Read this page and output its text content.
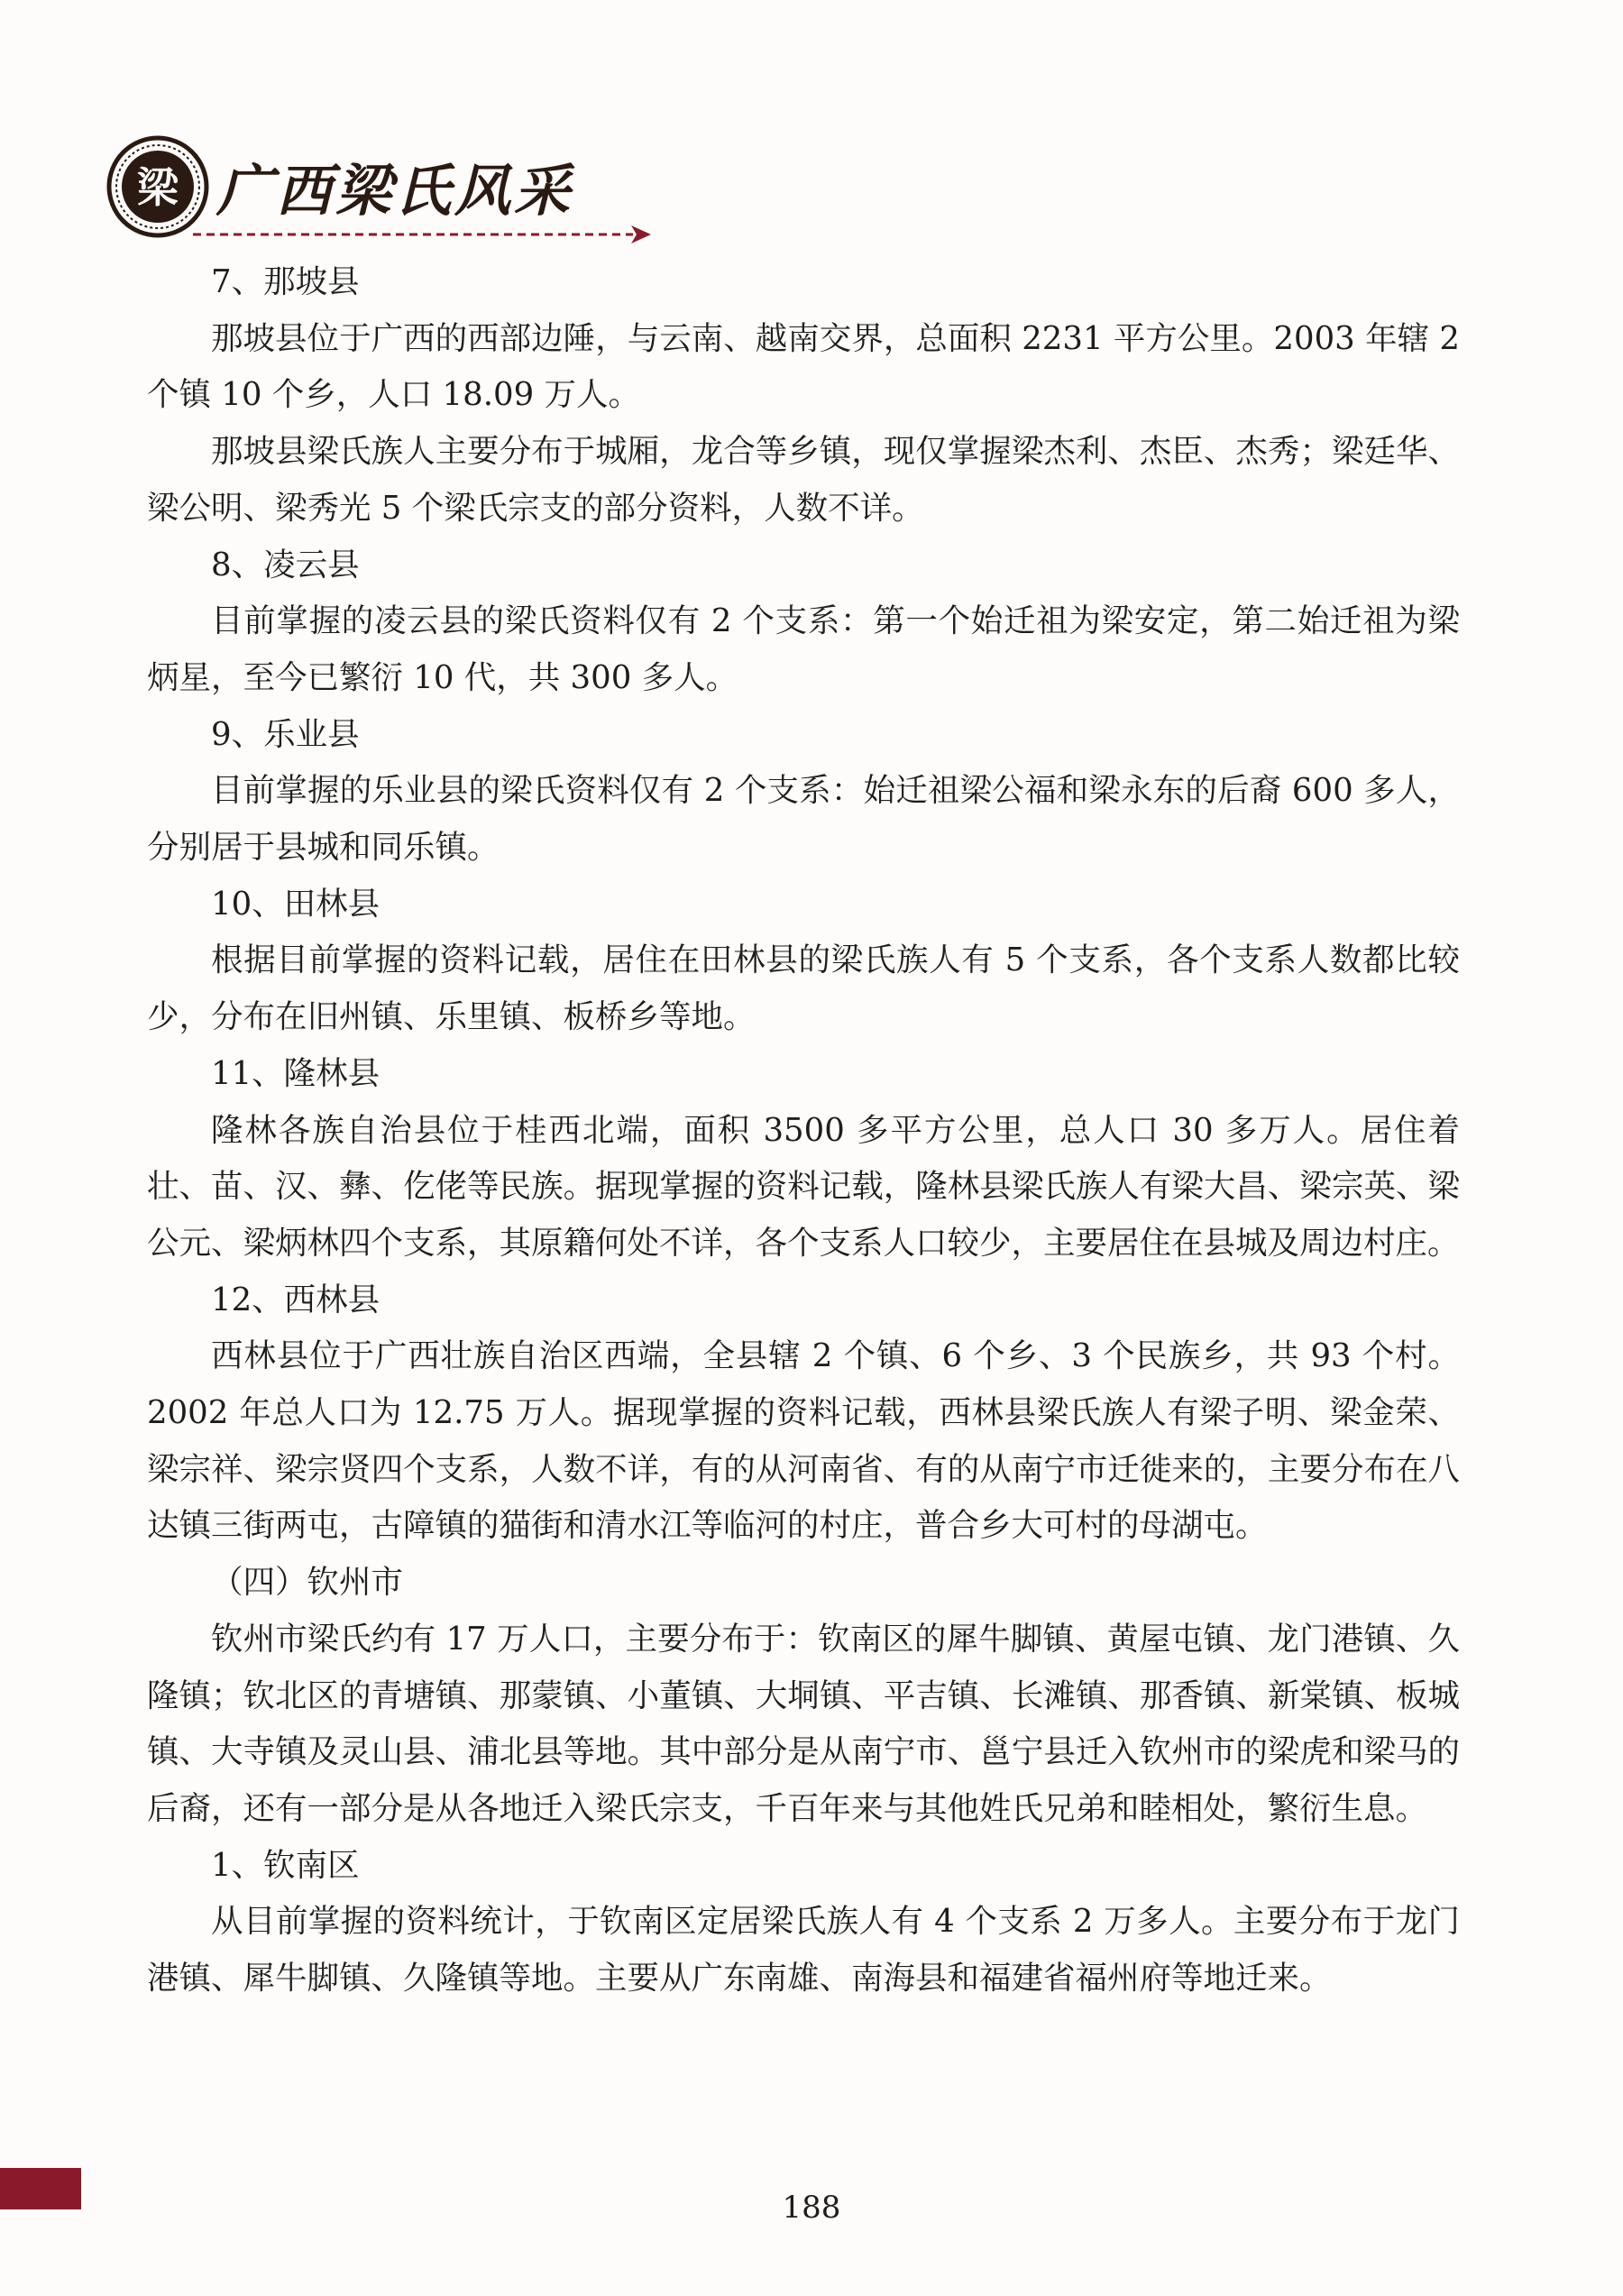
梁 广西梁氏风采

7、那坡县

那坡县位于广西的西部边陲，与云南、越南交界，总面积 2231 平方公里。2003 年辖 2 个镇 10 个乡，人口 18.09 万人。

那坡县梁氏族人主要分布于城厢，龙合等乡镇，现仅掌握梁杰利、杰臣、杰秀；梁廷华、梁公明、梁秀光 5 个梁氏宗支的部分资料，人数不详。

8、凌云县

目前掌握的凌云县的梁氏资料仅有 2 个支系：第一个始迁祖为梁安定，第二始迁祖为梁炳星，至今已繁衍 10 代，共 300 多人。

9、乐业县

目前掌握的乐业县的梁氏资料仅有 2 个支系：始迁祖梁公福和梁永东的后裔 600 多人，分别居于县城和同乐镇。

10、田林县

根据目前掌握的资料记载，居住在田林县的梁氏族人有 5 个支系，各个支系人数都比较少，分布在旧州镇、乐里镇、板桥乡等地。

11、隆林县

隆林各族自治县位于桂西北端，面积 3500 多平方公里，总人口 30 多万人。居住着壮、苗、汉、彝、仡佬等民族。据现掌握的资料记载，隆林县梁氏族人有梁大昌、梁宗英、梁公元、梁炳林四个支系，其原籍何处不详，各个支系人口较少，主要居住在县城及周边村庄。

12、西林县

西林县位于广西壮族自治区西端，全县辖 2 个镇、6 个乡、3 个民族乡，共 93 个村。2002 年总人口为 12.75 万人。据现掌握的资料记载，西林县梁氏族人有梁子明、梁金荣、梁宗祥、梁宗贤四个支系，人数不详，有的从河南省、有的从南宁市迁徙来的，主要分布在八达镇三街两屯，古障镇的猫街和清水江等临河的村庄，普合乡大可村的母湖屯。

（四）钦州市

钦州市梁氏约有 17 万人口，主要分布于：钦南区的犀牛脚镇、黄屋屯镇、龙门港镇、久隆镇；钦北区的青塘镇、那蒙镇、小董镇、大垌镇、平吉镇、长滩镇、那香镇、新棠镇、板城镇、大寺镇及灵山县、浦北县等地。其中部分是从南宁市、邕宁县迁入钦州市的梁虎和梁马的后裔，还有一部分是从各地迁入梁氏宗支，千百年来与其他姓氏兄弟和睦相处，繁衍生息。

1、钦南区

从目前掌握的资料统计，于钦南区定居梁氏族人有 4 个支系 2 万多人。主要分布于龙门港镇、犀牛脚镇、久隆镇等地。主要从广东南雄、南海县和福建省福州府等地迁来。

188
